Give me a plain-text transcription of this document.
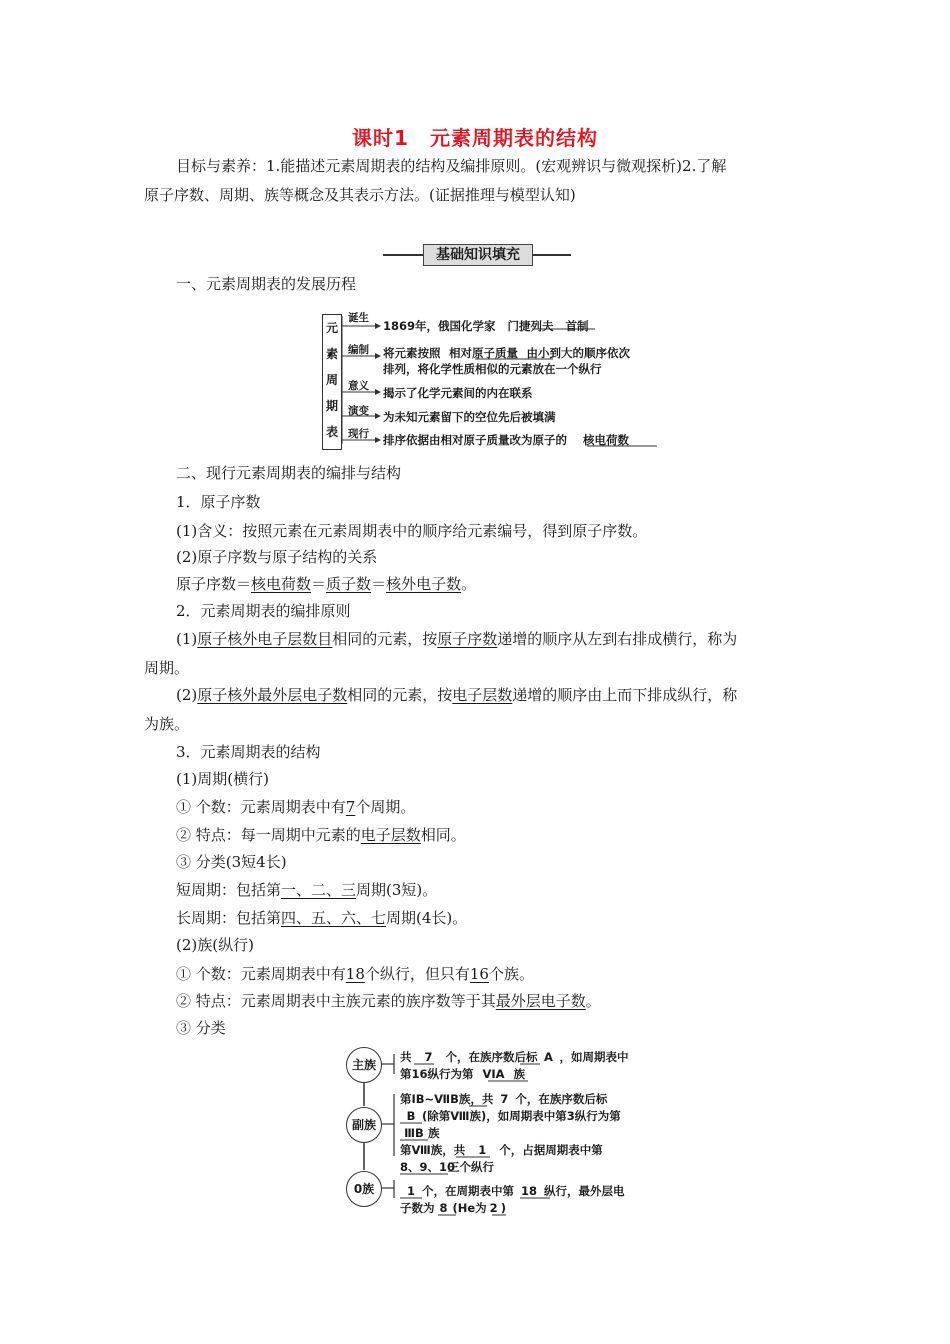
课时1　元素周期表的结构
目标与素养：1.能描述元素周期表的结构及编排原则。(宏观辨识与微观探析)2.了解
原子序数、周期、族等概念及其表示方法。(证据推理与模型认知)
基础知识填充
一、元素周期表的发展历程
元
素
周
期
表
诞生
1869年，俄国化学家 门捷列夫 首制
编制 将元素按照 相对原子质量 由小到大的顺序依次
排列，将化学性质相似的元素放在一个纵行
意义 揭示了化学元素间的内在联系
演变 为未知元素留下的空位先后被填满
现行 排序依据由相对原子质量改为原子的 核电荷数
二、现行元素周期表的编排与结构
1．原子序数
(1)含义：按照元素在元素周期表中的顺序给元素编号，得到原子序数。
(2)原子序数与原子结构的关系
原子序数＝核电荷数＝质子数＝核外电子数。
2．元素周期表的编排原则
(1)原子核外电子层数目相同的元素，按原子序数递增的顺序从左到右排成横行，称为
周期。
(2)原子核外最外层电子数相同的元素，按电子层数递增的顺序由上而下排成纵行，称
为族。
3．元素周期表的结构
(1)周期(横行)
① 个数：元素周期表中有7个周期。
② 特点：每一周期中元素的电子层数相同。
③ 分类(3短4长)
短周期：包括第一、二、三周期(3短)。
长周期：包括第四、五、六、七周期(4长)。
(2)族(纵行)
① 个数：元素周期表中有18个纵行，但只有16个族。
② 特点：元素周期表中主族元素的族序数等于其最外层电子数。
③ 分类
主族
共 7 个，在族序数后标 A ，如周期表中
第16纵行为第 VIA 族
副族
第ⅠB~ⅦB族，共 7 个，在族序数后标
B (除第Ⅷ族)，如周期表中第3纵行为第
ⅢB 族
第Ⅷ族，共 1 个，占据周期表中第
8、9、10三个纵行
0族	1 个，在周期表中第 18 纵行，最外层电
子数为 8 (He为 2 )
